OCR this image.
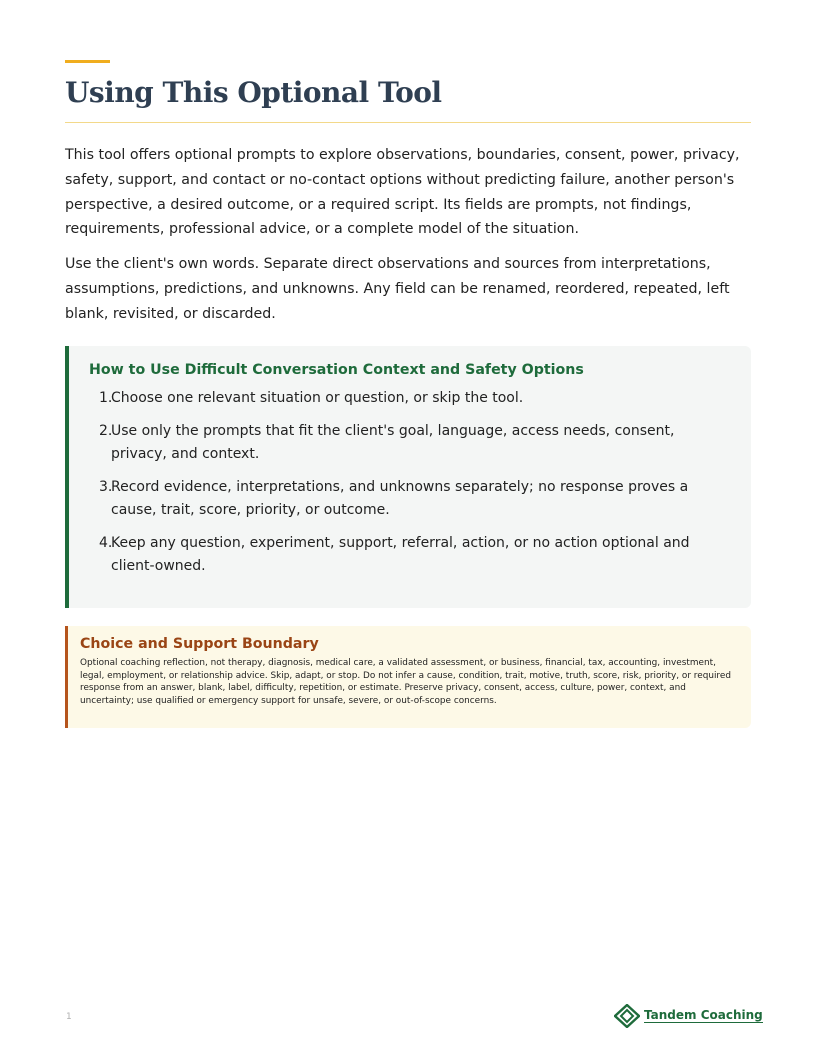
Using This Optional Tool

This tool offers optional prompts to explore observations, boundaries, consent, power, privacy, safety, support, and contact or no-contact options without predicting failure, another person's perspective, a desired outcome, or a required script. Its fields are prompts, not findings, requirements, professional advice, or a complete model of the situation.

Use the client's own words. Separate direct observations and sources from interpretations, assumptions, predictions, and unknowns. Any field can be renamed, reordered, repeated, left blank, revisited, or discarded.

How to Use Difficult Conversation Context and Safety Options
1.
Choose one relevant situation or question, or skip the tool.
2.
Use only the prompts that fit the client's goal, language, access needs, consent, privacy, and context.
3.
Record evidence, interpretations, and unknowns separately; no response proves a cause, trait, score, priority, or outcome.
4.
Keep any question, experiment, support, referral, action, or no action optional and client-owned.
Choice and Support Boundary
Optional coaching reflection, not therapy, diagnosis, medical care, a validated assessment, or business, financial, tax, accounting, investment, legal, employment, or relationship advice. Skip, adapt, or stop. Do not infer a cause, condition, trait, motive, truth, score, risk, priority, or required response from an answer, blank, label, difficulty, repetition, or estimate. Preserve privacy, consent, access, culture, power, context, and uncertainty; use qualified or emergency support for unsafe, severe, or out-of-scope concerns.
1	Tandem Coaching
